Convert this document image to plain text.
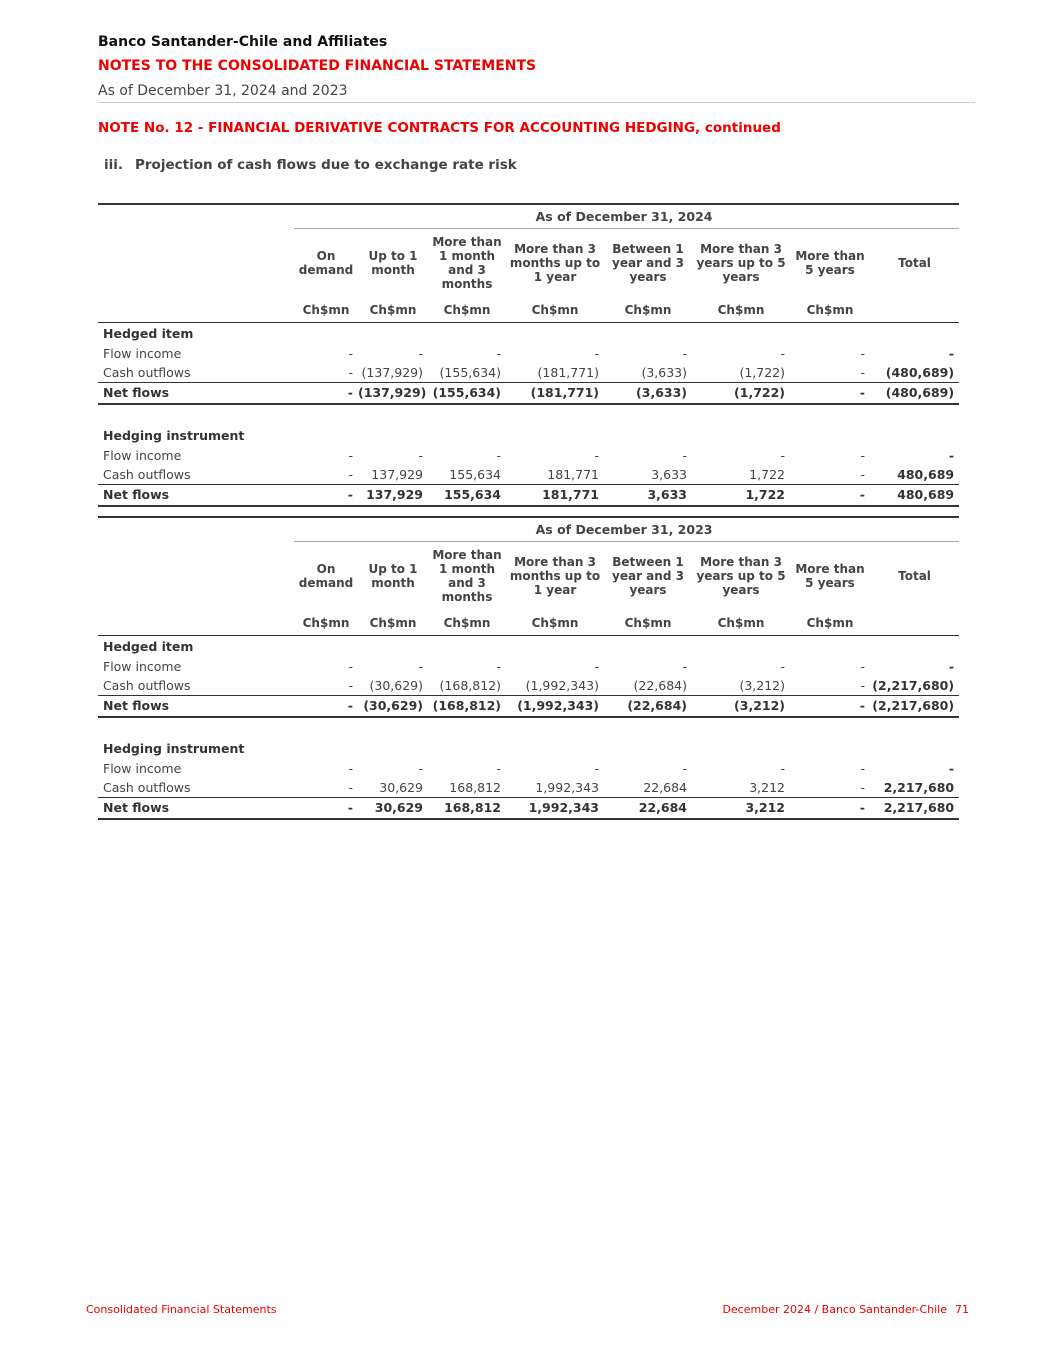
Banco Santander-Chile and Affiliates
NOTES TO THE CONSOLIDATED FINANCIAL STATEMENTS
As of December 31, 2024 and 2023
NOTE No. 12 - FINANCIAL DERIVATIVE CONTRACTS FOR ACCOUNTING HEDGING, continued
iii. Projection of cash flows due to exchange rate risk
	As of December 31, 2024							
	On demand	Up to 1 month	More than 1 month and 3 months	More than 3 months up to 1 year	Between 1 year and 3 years	More than 3 years up to 5 years	More than 5 years	Total
	Ch$mn	Ch$mn	Ch$mn	Ch$mn	Ch$mn	Ch$mn	Ch$mn	
Hedged item								
Flow income	-	-	-	-	-	-	-	-
Cash outflows	-	(137,929)	(155,634)	(181,771)	(3,633)	(1,722)	-	(480,689)
Net flows	-	(137,929)	(155,634)	(181,771)	(3,633)	(1,722)	-	(480,689)

Hedging instrument								
Flow income	-	-	-	-	-	-	-	-
Cash outflows	-	137,929	155,634	181,771	3,633	1,722	-	480,689
Net flows	-	137,929	155,634	181,771	3,633	1,722	-	480,689
	As of December 31, 2023							
	On demand	Up to 1 month	More than 1 month and 3 months	More than 3 months up to 1 year	Between 1 year and 3 years	More than 3 years up to 5 years	More than 5 years	Total
	Ch$mn	Ch$mn	Ch$mn	Ch$mn	Ch$mn	Ch$mn	Ch$mn	
Hedged item								
Flow income	-	-	-	-	-	-	-	-
Cash outflows	-	(30,629)	(168,812)	(1,992,343)	(22,684)	(3,212)	-	(2,217,680)
Net flows	-	(30,629)	(168,812)	(1,992,343)	(22,684)	(3,212)	-	(2,217,680)

Hedging instrument								
Flow income	-	-	-	-	-	-	-	-
Cash outflows	-	30,629	168,812	1,992,343	22,684	3,212	-	2,217,680
Net flows	-	30,629	168,812	1,992,343	22,684	3,212	-	2,217,680
Consolidated Financial Statements	December 2024 / Banco Santander-Chile 71
